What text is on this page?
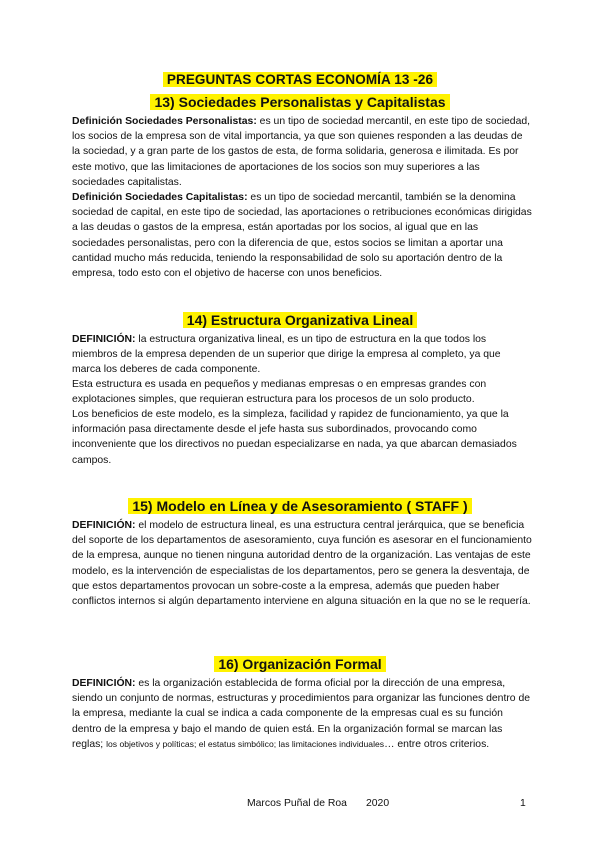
PREGUNTAS CORTAS ECONOMÍA 13 -26
13) Sociedades Personalistas y Capitalistas

Definición Sociedades Personalistas: es un tipo de sociedad mercantil, en este tipo de sociedad, los socios de la empresa son de vital importancia, ya que son quienes responden a las deudas de la sociedad, y a gran parte de los gastos de esta, de forma solidaria, generosa e ilimitada. Es por este motivo, que las limitaciones de aportaciones de los socios son muy superiores a las sociedades capitalistas.

Definición Sociedades Capitalistas: es un tipo de sociedad mercantil, también se la denomina sociedad de capital, en este tipo de sociedad, las aportaciones o retribuciones económicas dirigidas a las deudas o gastos de la empresa, están aportadas por los socios, al igual que en las sociedades personalistas, pero con la diferencia de que, estos socios se limitan a aportar una cantidad mucho más reducida, teniendo la responsabilidad de solo su aportación dentro de la empresa, todo esto con el objetivo de hacerse con unos beneficios.

14) Estructura Organizativa Lineal

DEFINICIÓN: la estructura organizativa lineal, es un tipo de estructura en la que todos los miembros de la empresa dependen de un superior que dirige la empresa al completo, ya que marca los deberes de cada componente.

Esta estructura es usada en pequeños y medianas empresas o en empresas grandes con explotaciones simples, que requieran estructura para los procesos de un solo producto.

Los beneficios de este modelo, es la simpleza, facilidad y rapidez de funcionamiento, ya que la información pasa directamente desde el jefe hasta sus subordinados, provocando como inconveniente que los directivos no puedan especializarse en nada, ya que abarcan demasiados campos.

15) Modelo en Línea y de Asesoramiento ( STAFF )

DEFINICIÓN: el modelo de estructura lineal, es una estructura central jerárquica, que se beneficia del soporte de los departamentos de asesoramiento, cuya función es asesorar en el funcionamiento de la empresa, aunque no tienen ninguna autoridad dentro de la organización. Las ventajas de este modelo, es la intervención de especialistas de los departamentos, pero se genera la desventaja, de que estos departamentos provocan un sobre-coste a la empresa, además que pueden haber conflictos internos si algún departamento interviene en alguna situación en la que no se le requería.

16) Organización Formal

DEFINICIÓN: es la organización establecida de forma oficial por la dirección de una empresa, siendo un conjunto de normas, estructuras y procedimientos para organizar las funciones dentro de la empresa, mediante la cual se indica a cada componente de la empresas cual es su función dentro de la empresa y bajo el mando de quien está. En la organización formal se marcan las reglas; los objetivos y políticas; el estatus simbólico; las limitaciones individuales… entre otros criterios.

Marcos Puñal de Roa 2020	1
